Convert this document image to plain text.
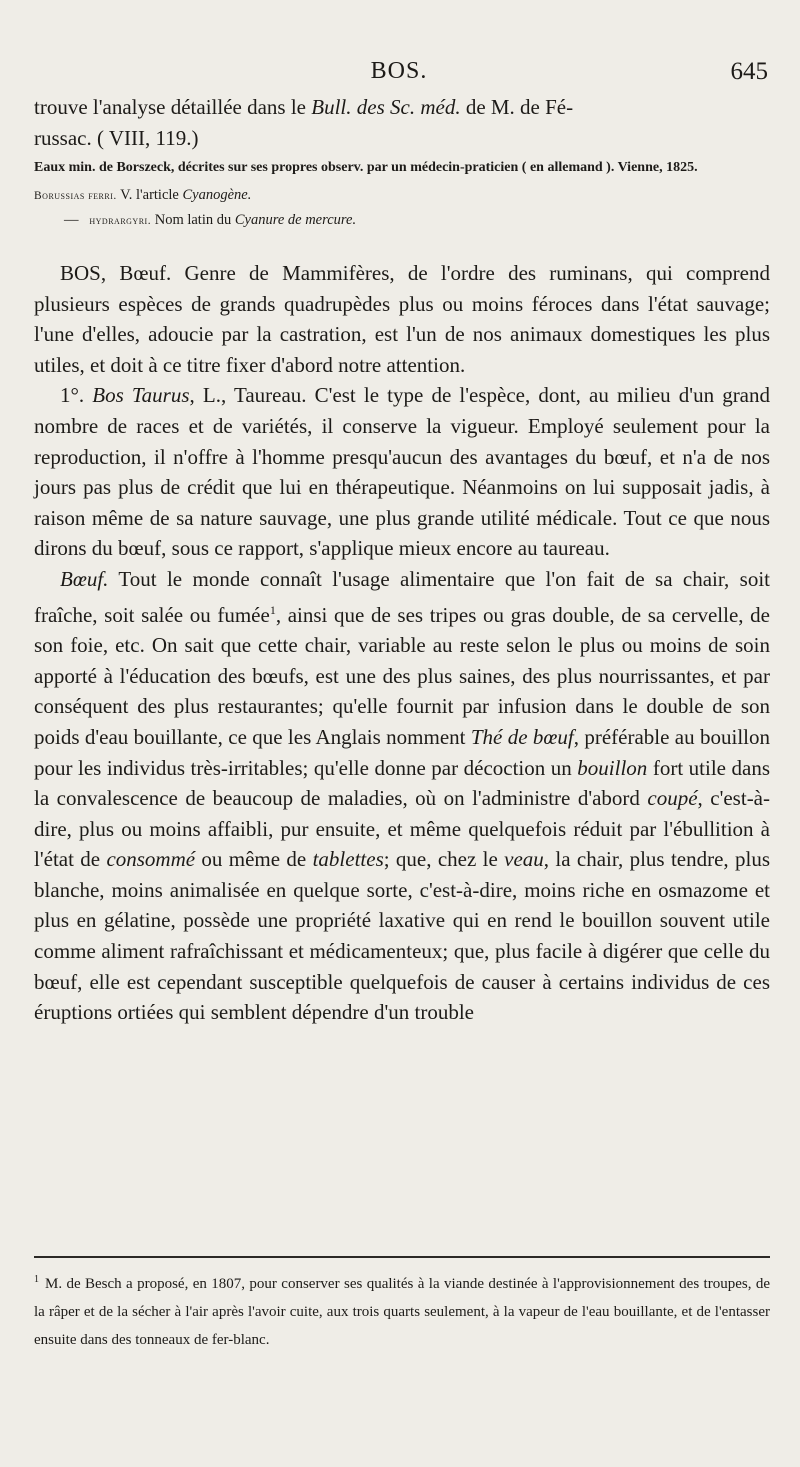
BOS.	645

trouve l'analyse détaillée dans le Bull. des Sc. méd. de M. de Fé-

russac. ( VIII, 119.)

Eaux min. de Borszeck, décrites sur ses propres observ. par un médecin-praticien ( en allemand ). Vienne, 1825.

Borussias ferri. V. l'article Cyanogène.

— hydrargyri. Nom latin du Cyanure de mercure.

BOS, Bœuf. Genre de Mammifères, de l'ordre des ruminans, qui comprend plusieurs espèces de grands quadrupèdes plus ou moins féroces dans l'état sauvage; l'une d'elles, adoucie par la castration, est l'un de nos animaux domestiques les plus utiles, et doit à ce titre fixer d'abord notre attention.

1°. Bos Taurus, L., Taureau. C'est le type de l'espèce, dont, au milieu d'un grand nombre de races et de variétés, il conserve la vigueur. Employé seulement pour la reproduction, il n'offre à l'homme presqu'aucun des avantages du bœuf, et n'a de nos jours pas plus de crédit que lui en thérapeutique. Néanmoins on lui supposait jadis, à raison même de sa nature sauvage, une plus grande utilité médicale. Tout ce que nous dirons du bœuf, sous ce rapport, s'applique mieux encore au taureau.

Bœuf. Tout le monde connaît l'usage alimentaire que l'on fait de sa chair, soit fraîche, soit salée ou fumée$^1$, ainsi que de ses tripes ou gras double, de sa cervelle, de son foie, etc. On sait que cette chair, variable au reste selon le plus ou moins de soin apporté à l'éducation des bœufs, est une des plus saines, des plus nourrissantes, et par conséquent des plus restaurantes; qu'elle fournit par infusion dans le double de son poids d'eau bouillante, ce que les Anglais nomment Thé de bœuf, préférable au bouillon pour les individus très-irritables; qu'elle donne par décoction un bouillon fort utile dans la convalescence de beaucoup de maladies, où on l'administre d'abord coupé, c'est-à-dire, plus ou moins affaibli, pur ensuite, et même quelquefois réduit par l'ébullition à l'état de consommé ou même de tablettes; que, chez le veau, la chair, plus tendre, plus blanche, moins animalisée en quelque sorte, c'est-à-dire, moins riche en osmazome et plus en gélatine, possède une propriété laxative qui en rend le bouillon souvent utile comme aliment rafraîchissant et médicamenteux; que, plus facile à digérer que celle du bœuf, elle est cependant susceptible quelquefois de causer à certains individus de ces éruptions ortiées qui semblent dépendre d'un trouble

$^1$ M. de Besch a proposé, en 1807, pour conserver ses qualités à la viande destinée à l'approvisionnement des troupes, de la râper et de la sécher à l'air après l'avoir cuite, aux trois quarts seulement, à la vapeur de l'eau bouillante, et de l'entasser ensuite dans des tonneaux de fer-blanc.
